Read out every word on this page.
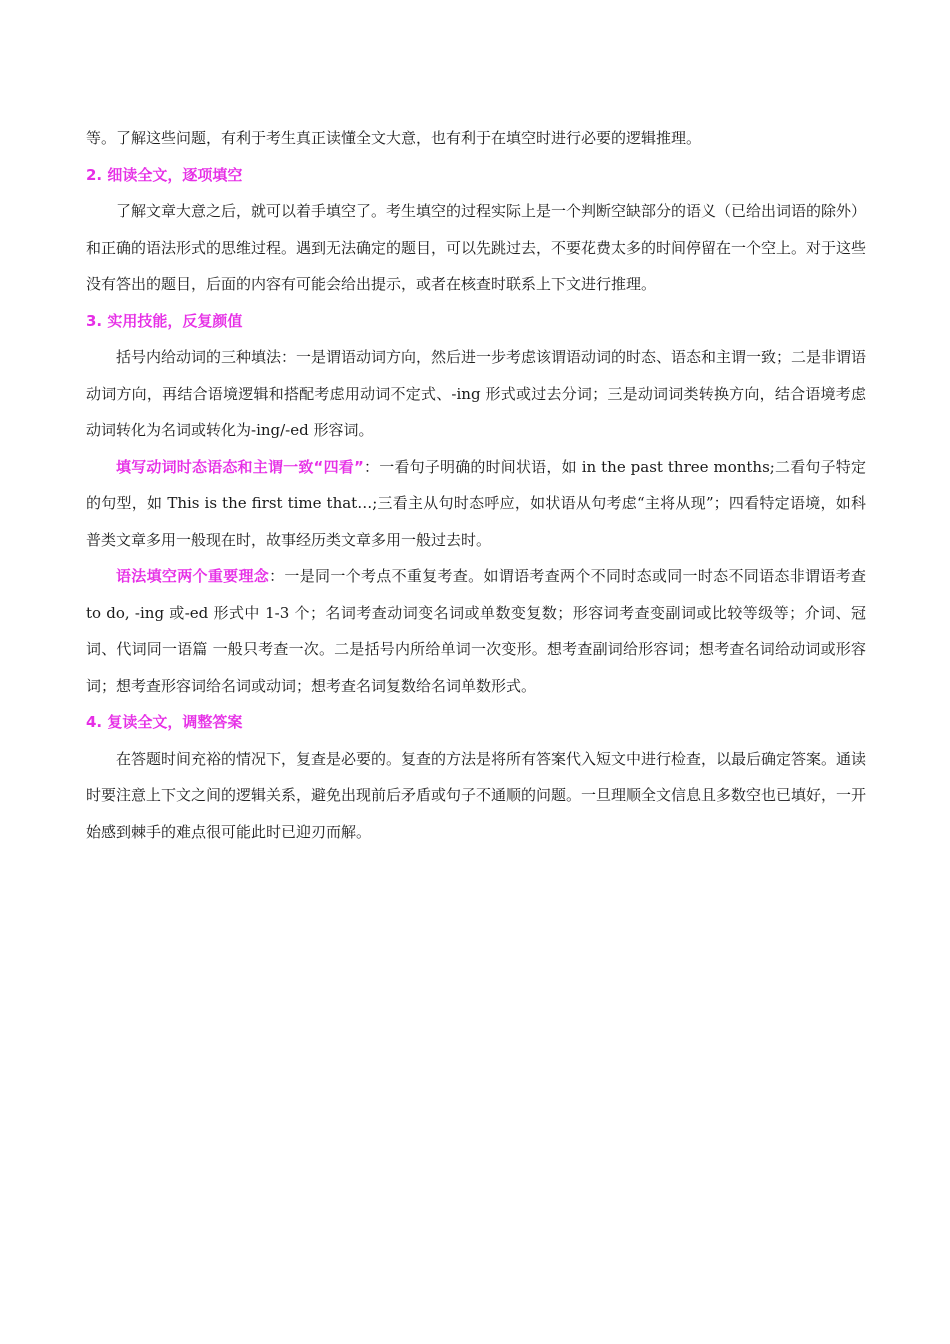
等。了解这些问题，有利于考生真正读懂全文大意，也有利于在填空时进行必要的逻辑推理。

2. 细读全文，逐项填空

了解文章大意之后，就可以着手填空了。考生填空的过程实际上是一个判断空缺部分的语义（已给出词语的除外）和正确的语法形式的思维过程。遇到无法确定的题目，可以先跳过去，不要花费太多的时间停留在一个空上。对于这些没有答出的题目，后面的内容有可能会给出提示，或者在核查时联系上下文进行推理。

3. 实用技能，反复颜值

括号内给动词的三种填法：一是谓语动词方向，然后进一步考虑该谓语动词的时态、语态和主谓一致；二是非谓语动词方向，再结合语境逻辑和搭配考虑用动词不定式、-ing 形式或过去分词；三是动词词类转换方向，结合语境考虑动词转化为名词或转化为-ing/-ed 形容词。

填写动词时态语态和主谓一致“四看”：一看句子明确的时间状语，如 in the past three months;二看句子特定的句型，如 This is the first time that…;三看主从句时态呼应，如状语从句考虑“主将从现”；四看特定语境，如科普类文章多用一般现在时，故事经历类文章多用一般过去时。

语法填空两个重要理念：一是同一个考点不重复考查。如谓语考查两个不同时态或同一时态不同语态非谓语考查 to do, -ing 或-ed 形式中 1-3 个；名词考查动词变名词或单数变复数；形容词考查变副词或比较等级等；介词、冠词、代词同一语篇 一般只考查一次。二是括号内所给单词一次变形。想考查副词给形容词；想考查名词给动词或形容词；想考查形容词给名词或动词；想考查名词复数给名词单数形式。

4. 复读全文，调整答案

在答题时间充裕的情况下，复查是必要的。复查的方法是将所有答案代入短文中进行检查，以最后确定答案。通读时要注意上下文之间的逻辑关系，避免出现前后矛盾或句子不通顺的问题。一旦理顺全文信息且多数空也已填好，一开始感到棘手的难点很可能此时已迎刃而解。
